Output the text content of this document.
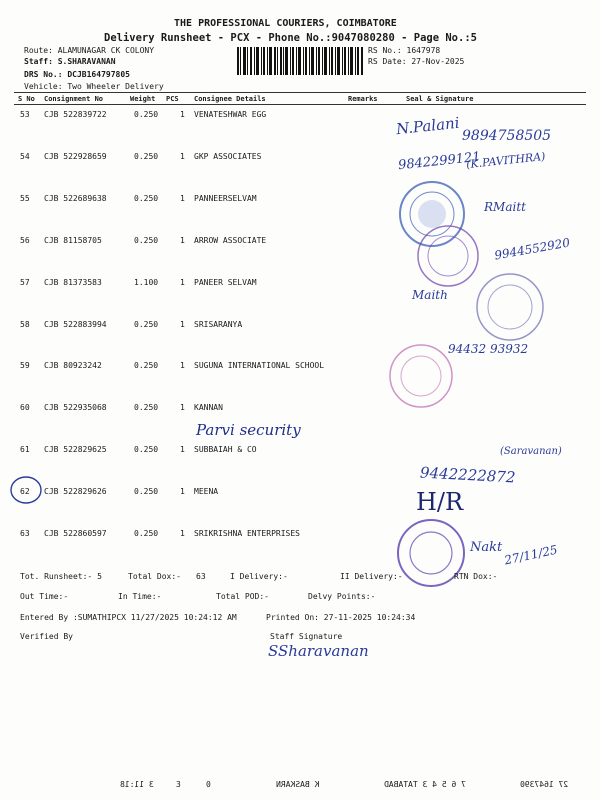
THE PROFESSIONAL COURIERS, COIMBATORE
Delivery Runsheet - PCX - Phone No.:9047080280 - Page No.:5
Route: ALAMUNAGAR CK COLONY
Staff: S.SHARAVANAN
DRS No.: DCJB164797805
Vehicle: Two Wheeler Delivery
RS No.: 1647978
RS Date: 27-Nov-2025
S No Consignment No	Weight PCS Consignee Details	Remarks	Seal & Signature
53 CJB 522839722	0.250	1 VENATESHWAR EGG
54 CJB 522928659	0.250	1 GKP ASSOCIATES
55 CJB 522689638	0.250	1 PANNEERSELVAM
56 CJB 81158705	0.250	1 ARROW ASSOCIATE
57 CJB 81373583	1.100	1 PANEER SELVAM
58 CJB 522883994	0.250	1 SRISARANYA
59 CJB 80923242	0.250	1 SUGUNA INTERNATIONAL SCHOOL
60 CJB 522935068	0.250	1 KANNAN
61 CJB 522829625	0.250	1 SUBBAIAH & CO
62 CJB 522829626	0.250	1 MEENA
63 CJB 522860597	0.250	1 SRIKRISHNA ENTERPRISES
N.Palani 9894758505
9842299121
(K.PAVITHRA)
RMaitt
9944552920
Maith
94432 93932
Parvi security
(Saravanan)
9442222872
H/R
Nakt 27/11/25
Tot. Runsheet:- 5	Total Dox:- 63	I Delivery:-	II Delivery:-	RTN Dox:-
Out Time:-	In Time:-	Total POD:-	Delvy Points:-
Entered By :SUMATHIPCX 11/27/2025 10:24:12 AM	Printed On: 27-11-2025 10:24:34
Verified By	Staff Signature
SSharavanan
3 11:18	0
3	K BASKARN	7 6 5 4 3 TATABAD	27 1647390
